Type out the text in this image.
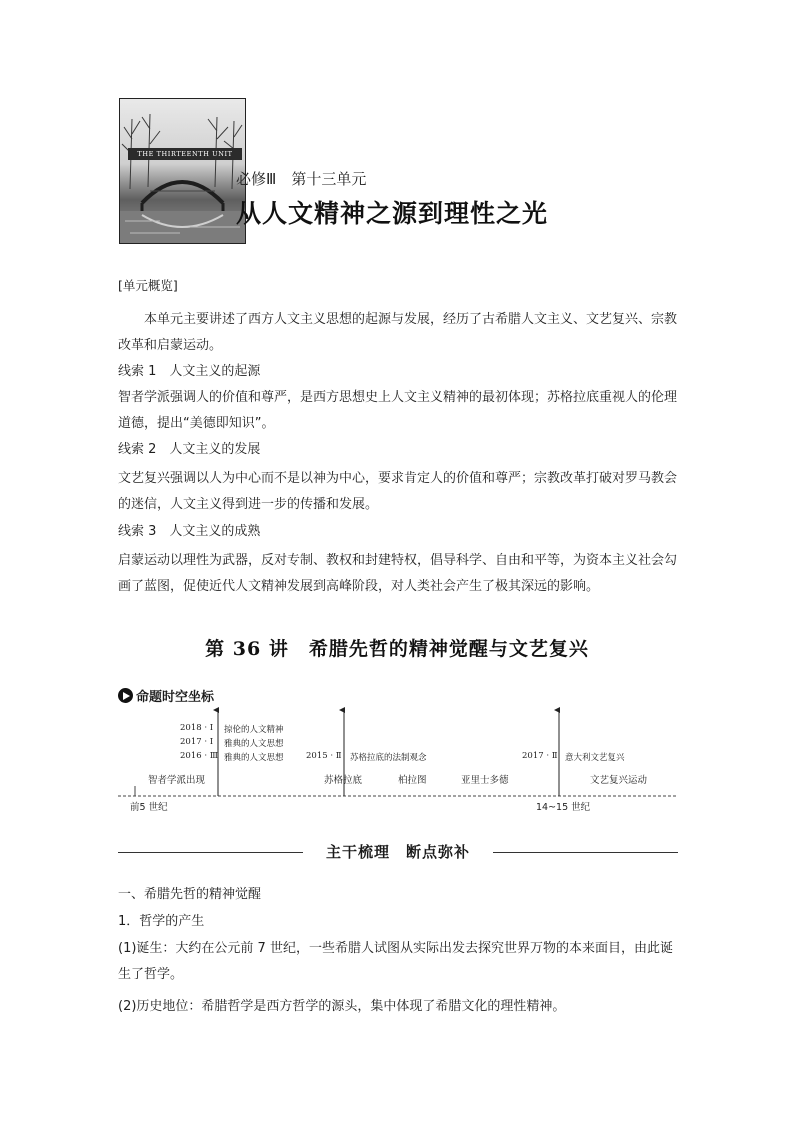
THE THIRTEENTH UNIT
必修Ⅲ　第十三单元
从人文精神之源到理性之光
[单元概览]
本单元主要讲述了西方人文主义思想的起源与发展，经历了古希腊人文主义、文艺复兴、宗教改革和启蒙运动。
线索 1　人文主义的起源
智者学派强调人的价值和尊严，是西方思想史上人文主义精神的最初体现；苏格拉底重视人的伦理道德，提出“美德即知识”。
线索 2　人文主义的发展
文艺复兴强调以人为中心而不是以神为中心，要求肯定人的价值和尊严；宗教改革打破对罗马教会的迷信，人文主义得到进一步的传播和发展。
线索 3　人文主义的成熟
启蒙运动以理性为武器，反对专制、教权和封建特权，倡导科学、自由和平等，为资本主义社会勾画了蓝图，促使近代人文精神发展到高峰阶段，对人类社会产生了极其深远的影响。
第 36 讲　希腊先哲的精神觉醒与文艺复兴
命题时空坐标
2018 · Ⅰ
2017 · Ⅰ
2016 · Ⅲ
掠伦的人文精神
雅典的人文思想
雅典的人文思想	2015 · Ⅱ 苏格拉底的法制观念	2017 · Ⅱ 意大利文艺复兴
智者学派出现	苏格拉底	柏拉图	亚里士多德	文艺复兴运动
前5 世纪	14~15 世纪
主干梳理　断点弥补
一、希腊先哲的精神觉醒
1．哲学的产生
(1)诞生：大约在公元前 7 世纪，一些希腊人试图从实际出发去探究世界万物的本来面目，由此诞生了哲学。
(2)历史地位：希腊哲学是西方哲学的源头，集中体现了希腊文化的理性精神。
